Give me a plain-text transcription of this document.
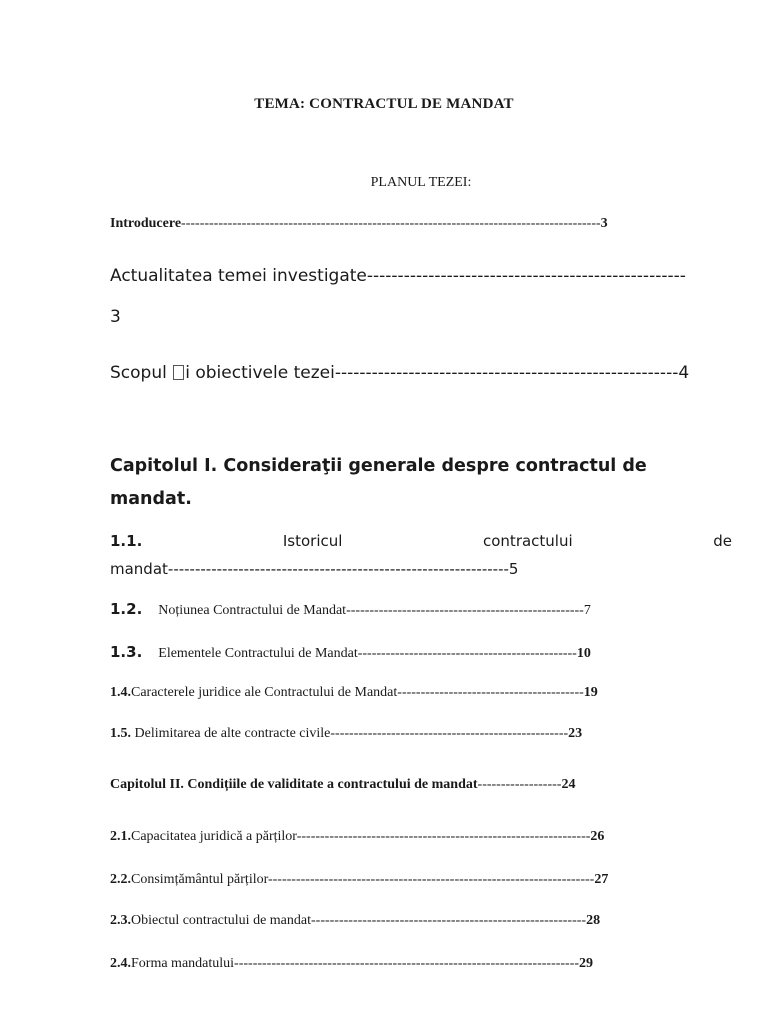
TEMA: CONTRACTUL DE MANDAT
PLANUL TEZEI:
Introducere------------------------------------------------------------------------------------------3
Actualitatea temei investigate----------------------------------------------------
3
Scopul i obiectivele tezei--------------------------------------------------------4
Capitolul I. Consideraţii generale despre contractul de
mandat.
1.1.	Istoricul	contractului	de
mandat---------------------------------------------------------------5
1.2. Noțiunea Contractului de Mandat---------------------------------------------------7
1.3. Elementele Contractului de Mandat-----------------------------------------------10
1.4.Caracterele juridice ale Contractului de Mandat----------------------------------------19
1.5. Delimitarea de alte contracte civile---------------------------------------------------23
Capitolul II. Condițiile de validitate a contractului de mandat------------------24
2.1.Capacitatea juridică a părților---------------------------------------------------------------26
2.2.Consimțământul părților----------------------------------------------------------------------27
2.3.Obiectul contractului de mandat-----------------------------------------------------------28
2.4.Forma mandatului--------------------------------------------------------------------------29
